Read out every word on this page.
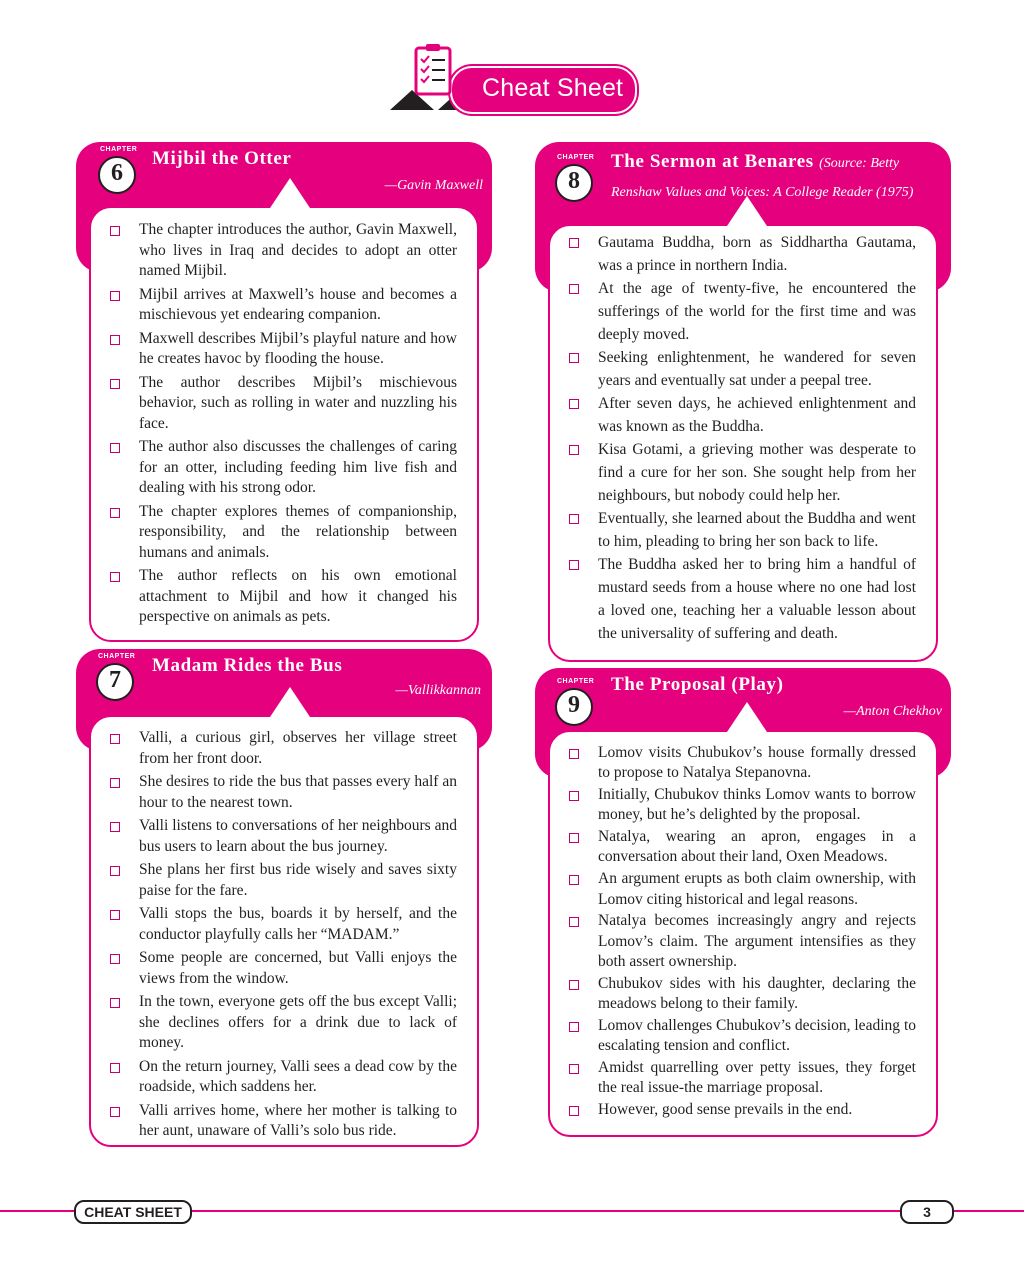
Cheat Sheet
6
CHAPTER Mijbil the Otter
—Gavin Maxwell
The chapter introduces the author, Gavin Maxwell, who lives in Iraq and decides to adopt an otter named Mijbil.
Mijbil arrives at Maxwell’s house and becomes a mischievous yet endearing companion.
Maxwell describes Mijbil’s playful nature and how he creates havoc by flooding the house.
The author describes Mijbil’s mischievous behavior, such as rolling in water and nuzzling his face.
The author also discusses the challenges of caring for an otter, including feeding him live fish and dealing with his strong odor.
The chapter explores themes of companionship, responsibility, and the relationship between humans and animals.
The author reflects on his own emotional attachment to Mijbil and how it changed his perspective on animals as pets.
7
CHAPTER Madam Rides the Bus
—Vallikkannan
Valli, a curious girl, observes her village street from her front door.
She desires to ride the bus that passes every half an hour to the nearest town.
Valli listens to conversations of her neighbours and bus users to learn about the bus journey.
She plans her first bus ride wisely and saves sixty paise for the fare.
Valli stops the bus, boards it by herself, and the conductor playfully calls her “MADAM.”
Some people are concerned, but Valli enjoys the views from the window.
In the town, everyone gets off the bus except Valli; she declines offers for a drink due to lack of money.
On the return journey, Valli sees a dead cow by the roadside, which saddens her.
Valli arrives home, where her mother is talking to her aunt, unaware of Valli’s solo bus ride.
8
CHAPTER The Sermon at Benares (Source: Betty Renshaw Values and Voices: A College Reader (1975)
Gautama Buddha, born as Siddhartha Gautama, was a prince in northern India.
At the age of twenty-five, he encountered the sufferings of the world for the first time and was deeply moved.
Seeking enlightenment, he wandered for seven years and eventually sat under a peepal tree.
After seven days, he achieved enlightenment and was known as the Buddha.
Kisa Gotami, a grieving mother was desperate to find a cure for her son. She sought help from her neighbours, but nobody could help her.
Eventually, she learned about the Buddha and went to him, pleading to bring her son back to life.
The Buddha asked her to bring him a handful of mustard seeds from a house where no one had lost a loved one, teaching her a valuable lesson about the universality of suffering and death.
9
CHAPTER The Proposal (Play)
—Anton Chekhov
Lomov visits Chubukov’s house formally dressed to propose to Natalya Stepanovna.
Initially, Chubukov thinks Lomov wants to borrow money, but he’s delighted by the proposal.
Natalya, wearing an apron, engages in a conversation about their land, Oxen Meadows.
An argument erupts as both claim ownership, with Lomov citing historical and legal reasons.
Natalya becomes increasingly angry and rejects Lomov’s claim. The argument intensifies as they both assert ownership.
Chubukov sides with his daughter, declaring the meadows belong to their family.
Lomov challenges Chubukov’s decision, leading to escalating tension and conflict.
Amidst quarrelling over petty issues, they forget the real issue-the marriage proposal.
However, good sense prevails in the end.
CHEAT SHEET	3
